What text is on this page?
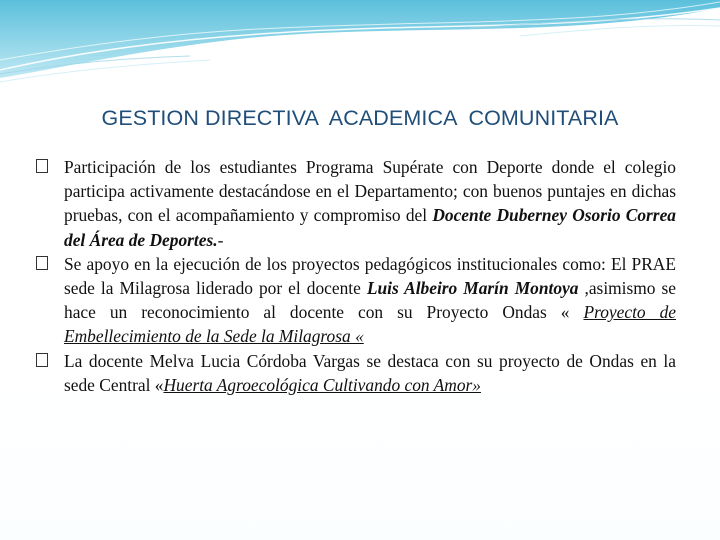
GESTION DIRECTIVA  ACADEMICA  COMUNITARIA
Participación de los estudiantes Programa Supérate con Deporte donde el colegio participa activamente destacándose en el Departamento; con buenos puntajes en dichas pruebas, con el acompañamiento y compromiso del Docente Duberney Osorio Correa del Área de Deportes.-
Se apoyo en la ejecución de los proyectos pedagógicos institucionales como: El PRAE sede la Milagrosa liderado por el docente Luis Albeiro Marín Montoya ,asimismo se hace un reconocimiento al docente con su Proyecto Ondas « Proyecto de Embellecimiento de la Sede la Milagrosa «
La docente Melva Lucia Córdoba Vargas se destaca con su proyecto de Ondas en la sede Central «Huerta Agroecológica Cultivando con Amor»
